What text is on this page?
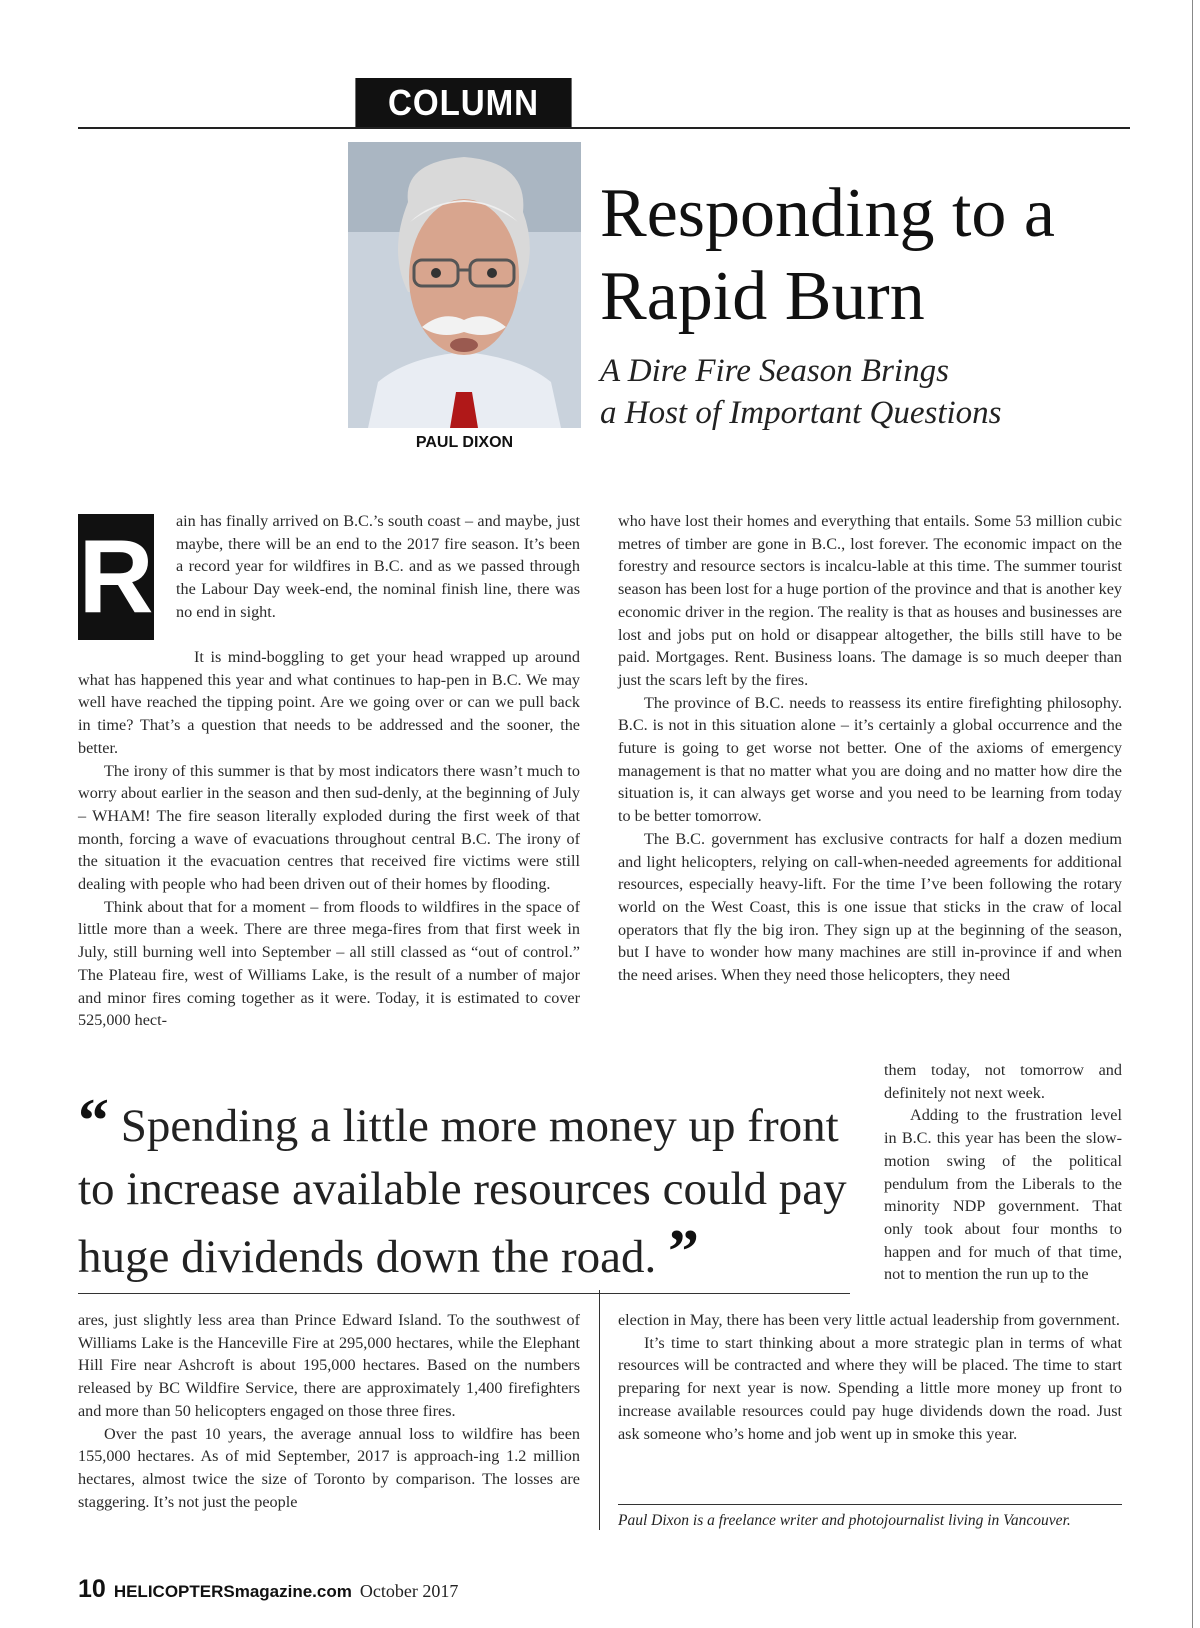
COLUMN
PAUL DIXON
Responding to a Rapid Burn
A Dire Fire Season Brings
a Host of Important Questions
R ain has finally arrived on B.C.’s south coast – and maybe, just maybe, there will be an end to the 2017 fire season. It’s been a record year for wildfires in B.C. and as we passed through the Labour Day week-end, the nominal finish line, there was no end in sight.

It is mind-boggling to get your head wrapped up around what has happened this year and what continues to hap-pen in B.C. We may well have reached the tipping point. Are we going over or can we pull back in time? That’s a question that needs to be addressed and the sooner, the better.

The irony of this summer is that by most indicators there wasn’t much to worry about earlier in the season and then sud-denly, at the beginning of July – WHAM! The fire season literally exploded during the first week of that month, forcing a wave of evacuations throughout central B.C. The irony of the situation it the evacuation centres that received fire victims were still dealing with people who had been driven out of their homes by flooding.

Think about that for a moment – from floods to wildfires in the space of little more than a week. There are three mega-fires from that first week in July, still burning well into September – all still classed as “out of control.” The Plateau fire, west of Williams Lake, is the result of a number of major and minor fires coming together as it were. Today, it is estimated to cover 525,000 hect-

who have lost their homes and everything that entails. Some 53 million cubic metres of timber are gone in B.C., lost forever. The economic impact on the forestry and resource sectors is incalcu-lable at this time. The summer tourist season has been lost for a huge portion of the province and that is another key economic driver in the region. The reality is that as houses and businesses are lost and jobs put on hold or disappear altogether, the bills still have to be paid. Mortgages. Rent. Business loans. The damage is so much deeper than just the scars left by the fires.

The province of B.C. needs to reassess its entire firefighting philosophy. B.C. is not in this situation alone – it’s certainly a global occurrence and the future is going to get worse not better. One of the axioms of emergency management is that no matter what you are doing and no matter how dire the situation is, it can always get worse and you need to be learning from today to be better tomorrow.

The B.C. government has exclusive contracts for half a dozen medium and light helicopters, relying on call-when-needed agreements for additional resources, especially heavy-lift. For the time I’ve been following the rotary world on the West Coast, this is one issue that sticks in the craw of local operators that fly the big iron. They sign up at the beginning of the season, but I have to wonder how many machines are still in-province if and when the need arises. When they need those helicopters, they need

them today, not tomorrow and definitely not next week.

Adding to the frustration level in B.C. this year has been the slow-motion swing of the political pendulum from the Liberals to the minority NDP government. That only took about four months to happen and for much of that time, not to mention the run up to the

“ Spending a little more money up front to increase available resources could pay huge dividends down the road. ”

ares, just slightly less area than Prince Edward Island. To the southwest of Williams Lake is the Hanceville Fire at 295,000 hectares, while the Elephant Hill Fire near Ashcroft is about 195,000 hectares. Based on the numbers released by BC Wildfire Service, there are approximately 1,400 firefighters and more than 50 helicopters engaged on those three fires.

Over the past 10 years, the average annual loss to wildfire has been 155,000 hectares. As of mid September, 2017 is approach-ing 1.2 million hectares, almost twice the size of Toronto by comparison. The losses are staggering. It’s not just the people

election in May, there has been very little actual leadership from government.

It’s time to start thinking about a more strategic plan in terms of what resources will be contracted and where they will be placed. The time to start preparing for next year is now. Spending a little more money up front to increase available resources could pay huge dividends down the road. Just ask someone who’s home and job went up in smoke this year.

Paul Dixon is a freelance writer and photojournalist living in Vancouver.
10 HELICOPTERSmagazine.com October 2017
